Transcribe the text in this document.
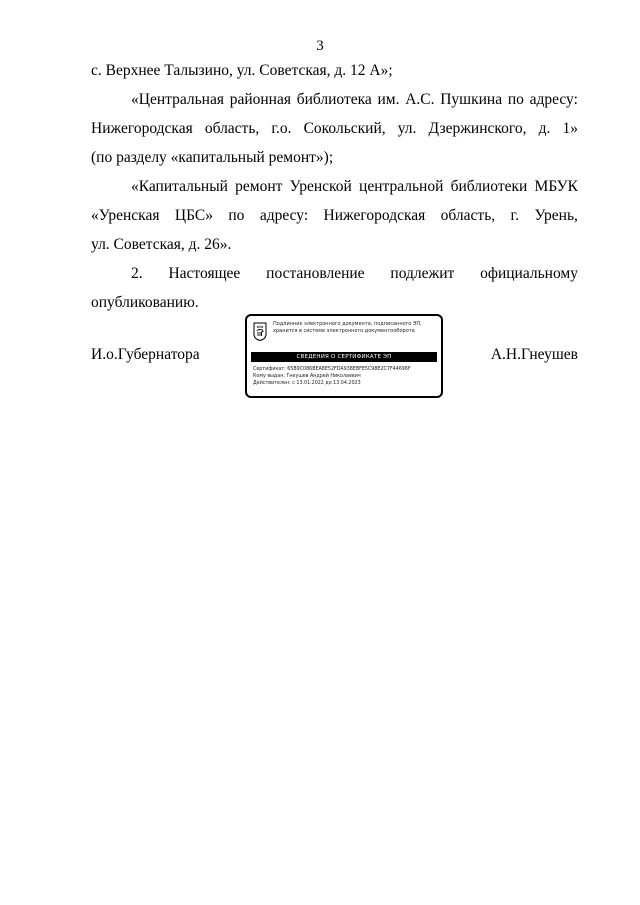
3

с. Верхнее Талызино, ул. Советская, д. 12 А»;

«Центральная районная библиотека им. А.С. Пушкина по адресу:
Нижегородская область, г.о. Сокольский, ул. Дзержинского, д. 1»
(по разделу «капитальный ремонт»);

«Капитальный ремонт Уренской центральной библиотеки МБУК
«Уренская ЦБС» по адресу: Нижегородская область, г. Урень,
ул. Советская, д. 26».

2. Настоящее постановление подлежит официальному
опубликованию.

И.о.Губернатора
Подлинник электронного документа, подписанного ЭП,
хранится в системе электронного документооборота
СВЕДЕНИЯ О СЕРТИФИКАТЕ ЭП
Сертификат: 65B9C086BEA8E52FDA938EBFE5C98E2C7F44696F
Кому выдан: Гнеушев Андрей Николаевич
Действителен: с 13.01.2022 до 13.04.2023
А.Н.Гнеушев
